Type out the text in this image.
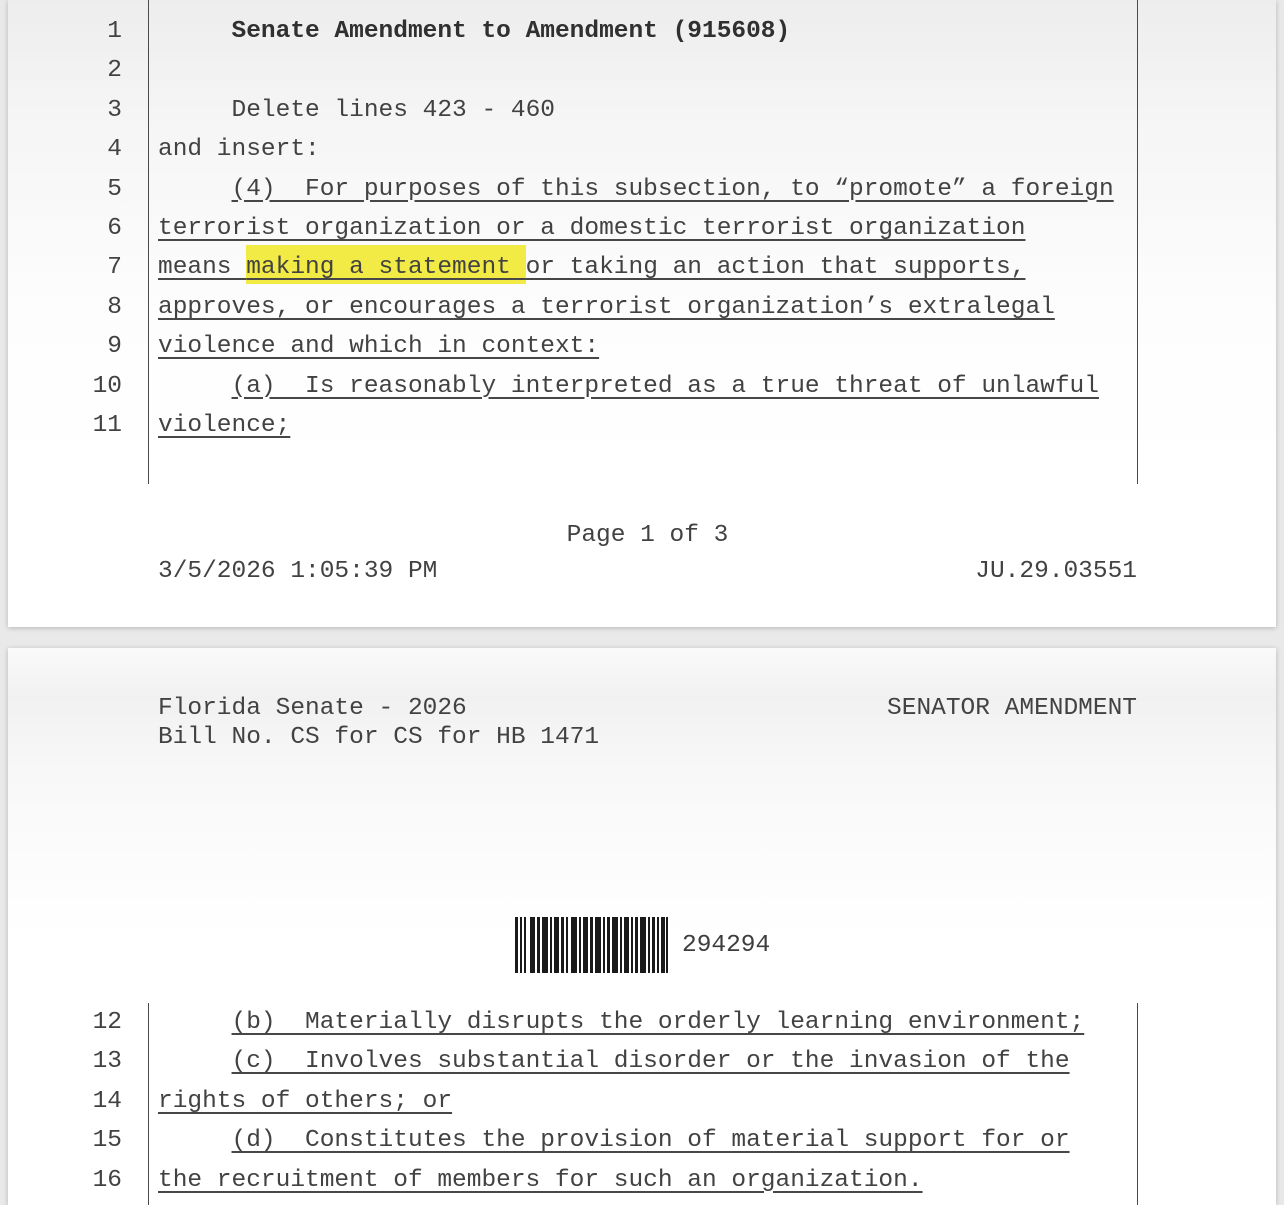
1	Senate Amendment to Amendment (915608)
2
3	Delete lines 423 - 460
4 and insert:
5	(4)  For purposes of this subsection, to “promote” a foreign
6 terrorist organization or a domestic terrorist organization
7 means making a statement or taking an action that supports,
8 approves, or encourages a terrorist organization’s extralegal
9 violence and which in context:
10	(a)  Is reasonably interpreted as a true threat of unlawful
11 violence;
Page 1 of 3
3/5/2026 1:05:39 PM	JU.29.03551
Florida Senate - 2026	SENATOR AMENDMENT
Bill No. CS for CS for HB 1471
294294
12	(b)  Materially disrupts the orderly learning environment;
13	(c)  Involves substantial disorder or the invasion of the
14 rights of others; or
15	(d)  Constitutes the provision of material support for or
16 the recruitment of members for such an organization.
